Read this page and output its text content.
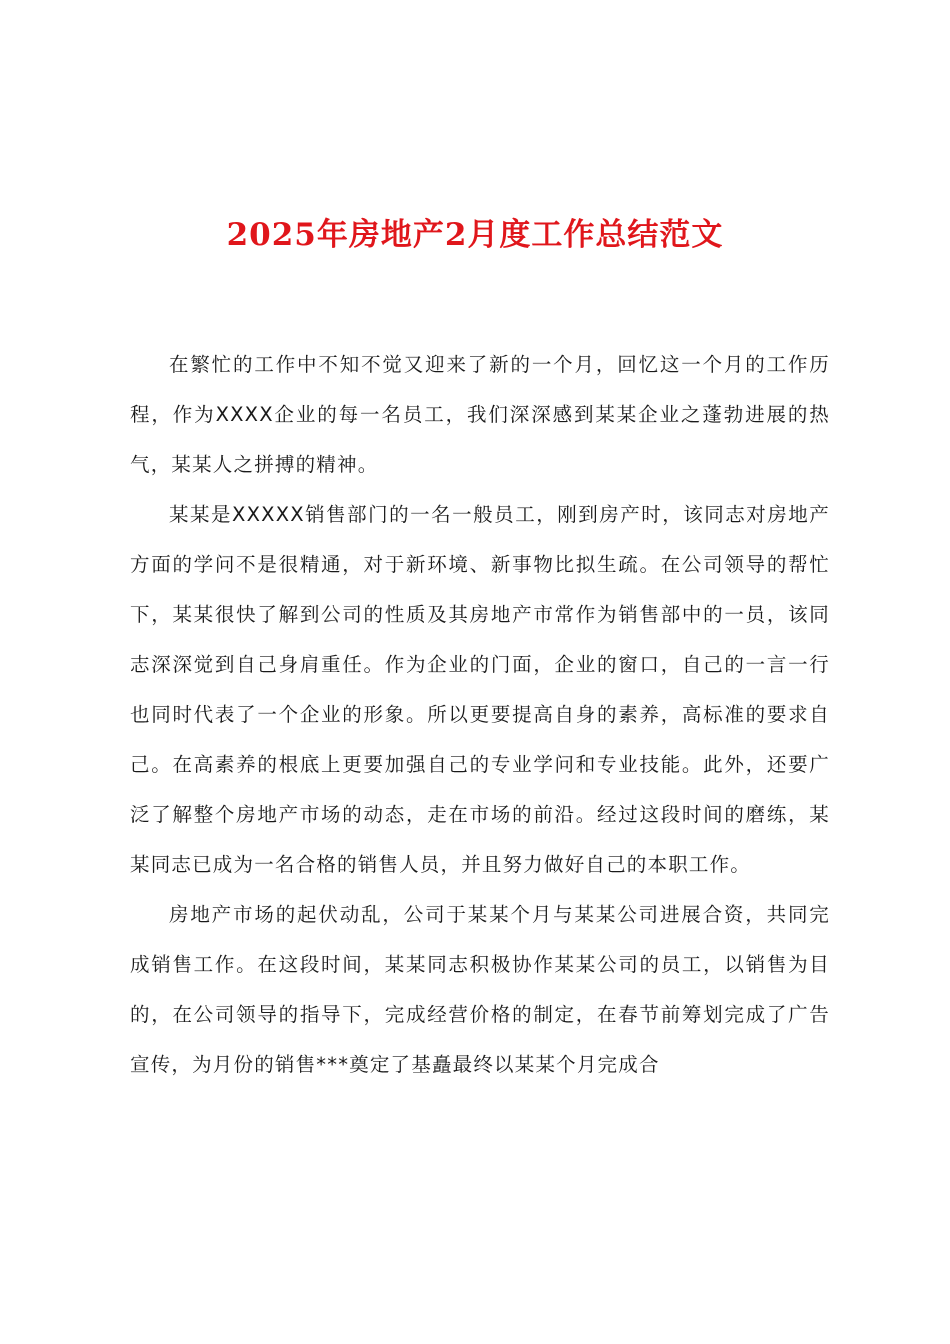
2025年房地产2月度工作总结范文

在繁忙的工作中不知不觉又迎来了新的一个月，回忆这一个月的工作历程，作为XXXX企业的每一名员工，我们深深感到某某企业之蓬勃进展的热气，某某人之拼搏的精神。

某某是XXXXX销售部门的一名一般员工，刚到房产时，该同志对房地产方面的学问不是很精通，对于新环境、新事物比拟生疏。在公司领导的帮忙下，某某很快了解到公司的性质及其房地产市常作为销售部中的一员，该同志深深觉到自己身肩重任。作为企业的门面，企业的窗口，自己的一言一行也同时代表了一个企业的形象。所以更要提高自身的素养，高标准的要求自己。在高素养的根底上更要加强自己的专业学问和专业技能。此外，还要广泛了解整个房地产市场的动态，走在市场的前沿。经过这段时间的磨练，某某同志已成为一名合格的销售人员，并且努力做好自己的本职工作。

房地产市场的起伏动乱，公司于某某个月与某某公司进展合资，共同完成销售工作。在这段时间，某某同志积极协作某某公司的员工，以销售为目的，在公司领导的指导下，完成经营价格的制定，在春节前筹划完成了广告宣传，为月份的销售***奠定了基矗最终以某某个月完成合
